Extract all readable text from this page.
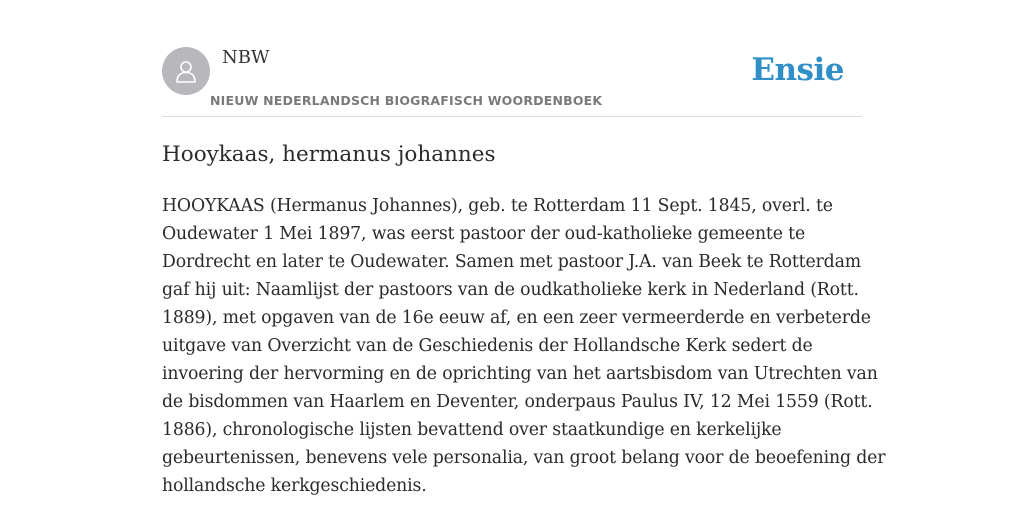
NBW
NIEUW NEDERLANDSCH BIOGRAFISCH WOORDENBOEK
Ensie
Hooykaas, hermanus johannes
HOOYKAAS (Hermanus Johannes), geb. te Rotterdam 11 Sept. 1845, overl. te
Oudewater 1 Mei 1897, was eerst pastoor der oud-katholieke gemeente te
Dordrecht en later te Oudewater. Samen met pastoor J.A. van Beek te Rotterdam
gaf hij uit: Naamlijst der pastoors van de oudkatholieke kerk in Nederland (Rott.
1889), met opgaven van de 16e eeuw af, en een zeer vermeerderde en verbeterde
uitgave van Overzicht van de Geschiedenis der Hollandsche Kerk sedert de
invoering der hervorming en de oprichting van het aartsbisdom van Utrechten van
de bisdommen van Haarlem en Deventer, onderpaus Paulus IV, 12 Mei 1559 (Rott.
1886), chronologische lijsten bevattend over staatkundige en kerkelijke
gebeurtenissen, benevens vele personalia, van groot belang voor de beoefening der
hollandsche kerkgeschiedenis.
